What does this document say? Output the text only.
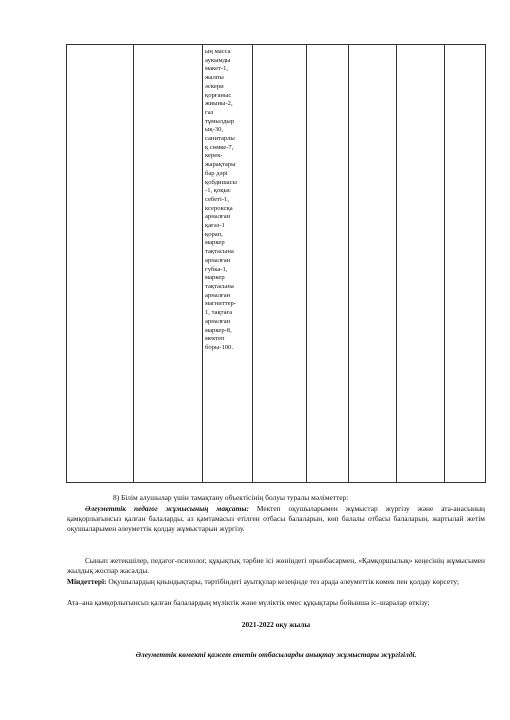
ың масса
аукымды
макет-1,
жалпы
әскери
қорғаныс
жиыны-2,
газ
тұмылдыр
ық-30,
санитарлы
қ сөмке-7,
керек-
жарақтары
бар дәрі
қобдишасы
-1, қоқыс
себеті-1,
ксероксқа
арналған
қағаз-1
қорап,
маркер
тақтасына
арналған
губка-1,
маркер
тақтасына
арналған
магниттер-
1, тақтаға
арналған
маркер-8,
мектеп
боры-100.

8) Білім алушылар үшін тамақтану объектісінің болуы туралы мәліметтер:
Әлеуметтік педагог жұмысының мақсаты: Мектеп оқушыларымен жұмыстар жүргізу және ата-анасының қамқорлығынсыз қалған балаларды, аз қамтамасыз етілген отбасы балаларын, көп балалы отбасы балаларын, жартылай жетім оқушыларымен әлеуметтік қолдау жұмыстарын жүргізу.
Сынып жетекшілер, педагог-психолог, құқықтық тәрбие ісі жөніндегі орынбасармен, «Қамқоршылық» кеңесінің жұмысымен жылдық жоспар жасалды.
Міндеттері: Оқушылардың қиындықтары, тәртібіндегі ауытқулар кезеңінде тез арада әлеуметтік көмек пен қолдау көрсету;
Ата–ана қамқорлығынсыз қалған балалардың мүліктік және мүліктік емес құқықтары бойынша іс–шаралар өткізу;
2021-2022 оқу жылы
Әлеуметтік көмекті қажет ететін отбасыларды анықтау жұмыстары жүргізілді.
